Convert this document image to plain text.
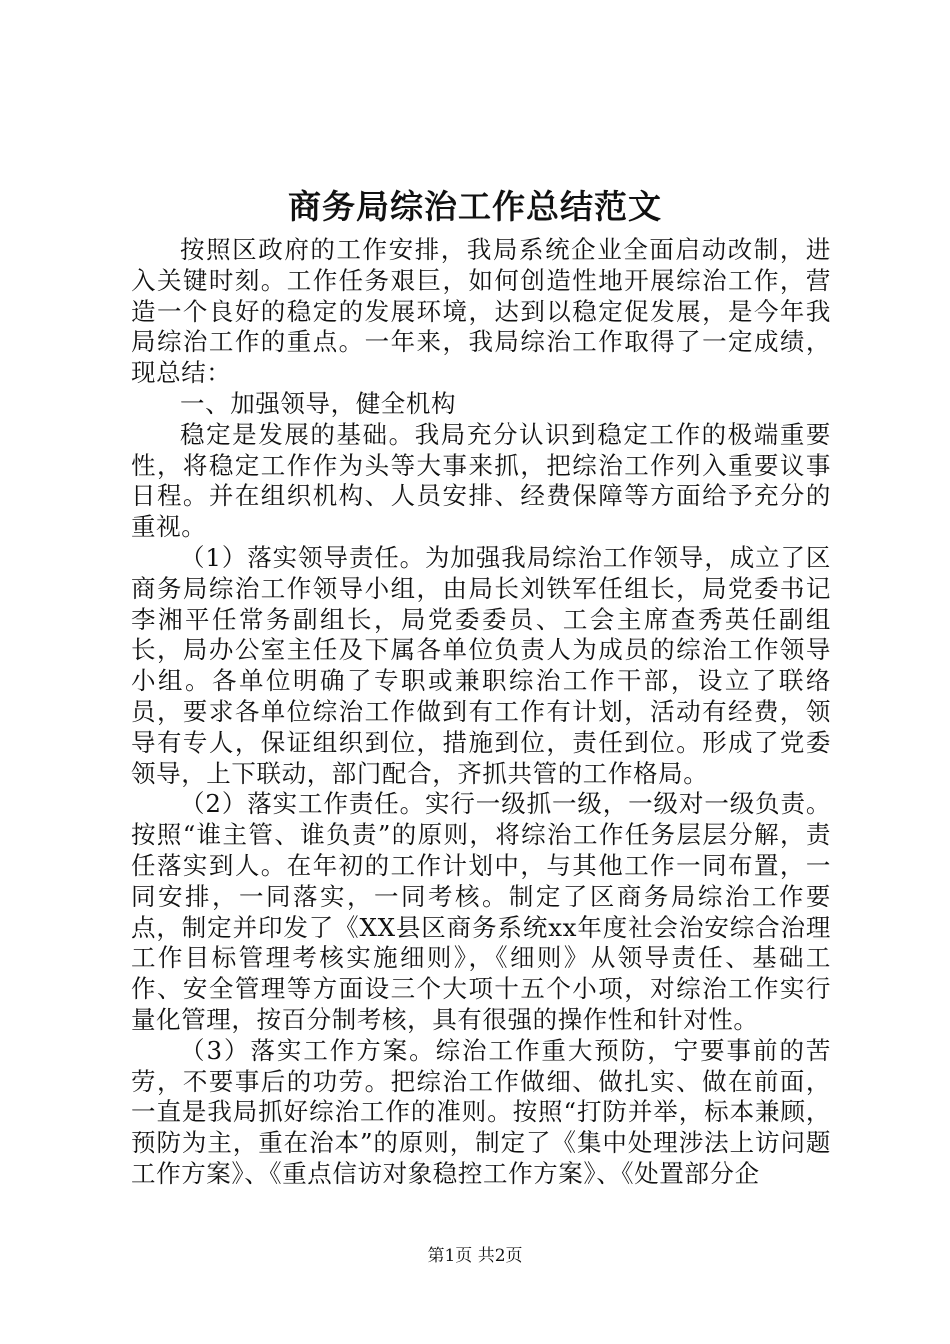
商务局综治工作总结范文

按照区政府的工作安排，我局系统企业全面启动改制，进入关键时刻。工作任务艰巨，如何创造性地开展综治工作，营造一个良好的稳定的发展环境，达到以稳定促发展，是今年我局综治工作的重点。一年来，我局综治工作取得了一定成绩，现总结：

一、加强领导，健全机构

稳定是发展的基础。我局充分认识到稳定工作的极端重要性，将稳定工作作为头等大事来抓，把综治工作列入重要议事日程。并在组织机构、人员安排、经费保障等方面给予充分的重视。

（1）落实领导责任。为加强我局综治工作领导，成立了区商务局综治工作领导小组，由局长刘铁军任组长，局党委书记李湘平任常务副组长，局党委委员、工会主席查秀英任副组长，局办公室主任及下属各单位负责人为成员的综治工作领导小组。各单位明确了专职或兼职综治工作干部，设立了联络员，要求各单位综治工作做到有工作有计划，活动有经费，领导有专人，保证组织到位，措施到位，责任到位。形成了党委领导，上下联动，部门配合，齐抓共管的工作格局。

（2）落实工作责任。实行一级抓一级，一级对一级负责。按照“谁主管、谁负责”的原则，将综治工作任务层层分解，责任落实到人。在年初的工作计划中，与其他工作一同布置，一同安排，一同落实，一同考核。制定了区商务局综治工作要点，制定并印发了《XX县区商务系统xx年度社会治安综合治理工作目标管理考核实施细则》，《细则》从领导责任、基础工作、安全管理等方面设三个大项十五个小项，对综治工作实行量化管理，按百分制考核，具有很强的操作性和针对性。

（3）落实工作方案。综治工作重大预防，宁要事前的苦劳，不要事后的功劳。把综治工作做细、做扎实、做在前面，一直是我局抓好综治工作的准则。按照“打防并举，标本兼顾，预防为主，重在治本”的原则，制定了《集中处理涉法上访问题工作方案》、《重点信访对象稳控工作方案》、《处置部分企

第1页 共2页
